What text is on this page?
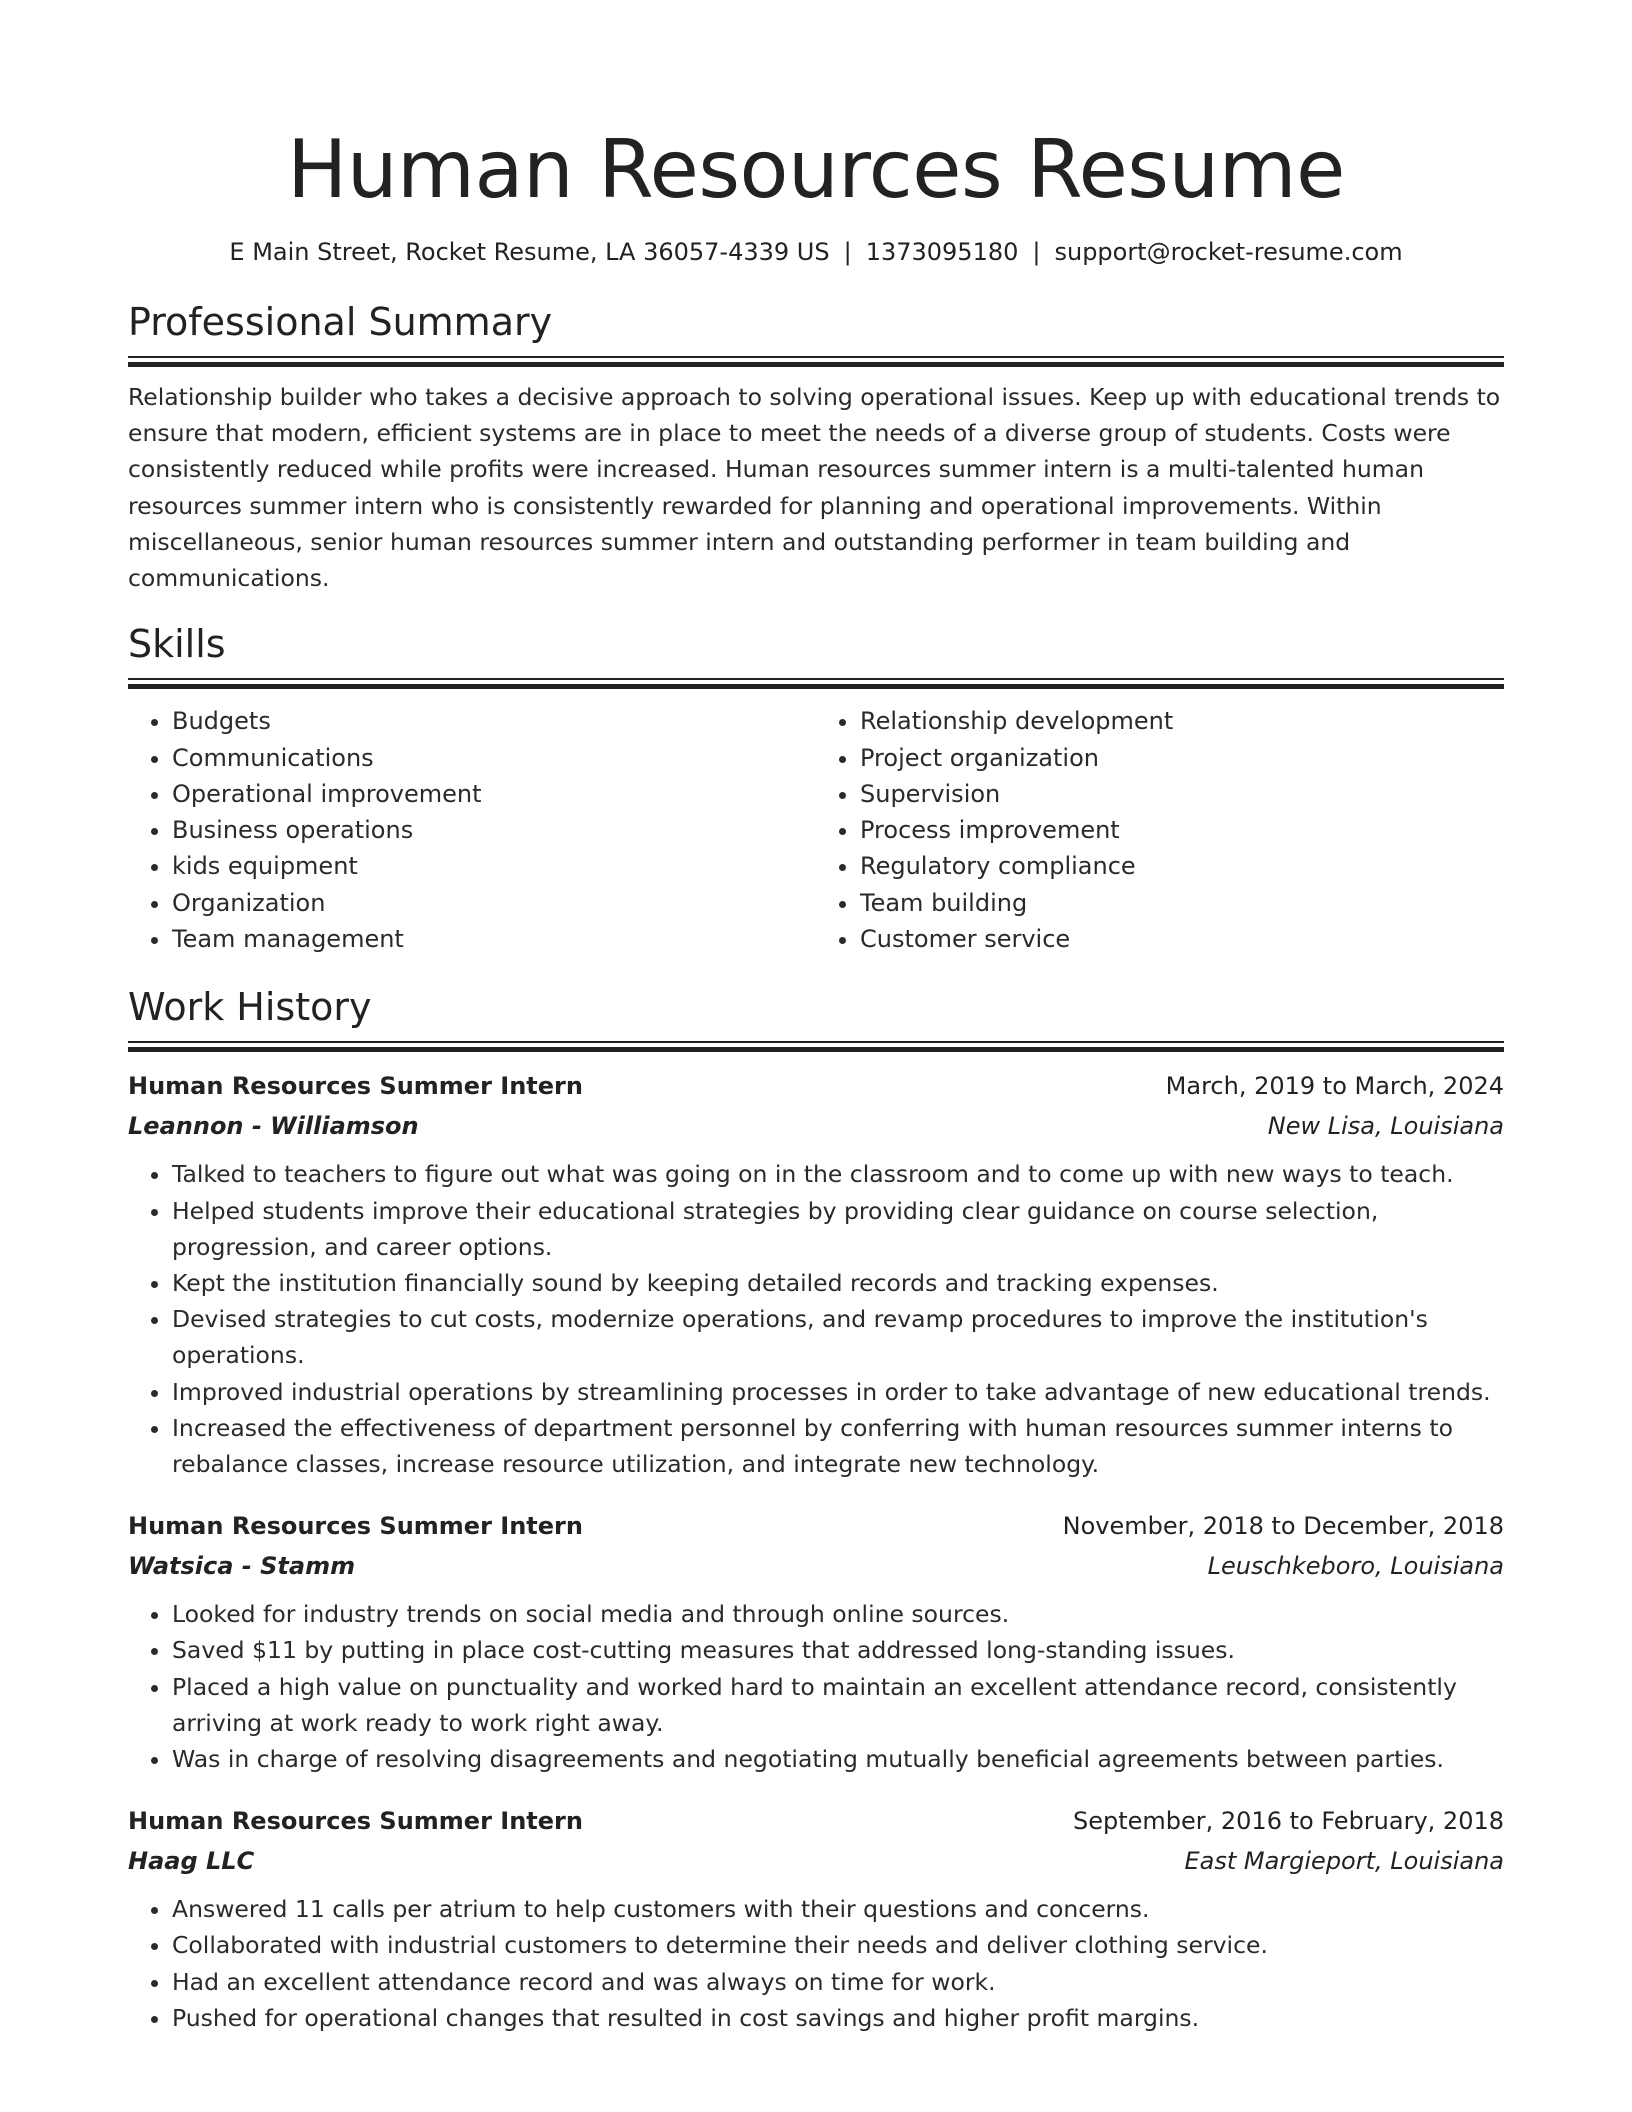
Human Resources Resume
E Main Street, Rocket Resume, LA 36057-4339 US | 1373095180 | support@rocket-resume.com
Professional Summary

Relationship builder who takes a decisive approach to solving operational issues. Keep up with educational trends to ensure that modern, efficient systems are in place to meet the needs of a diverse group of students. Costs were consistently reduced while profits were increased. Human resources summer intern is a multi-talented human resources summer intern who is consistently rewarded for planning and operational improvements. Within miscellaneous, senior human resources summer intern and outstanding performer in team building and communications.

Skills
• Budgets
• Communications
• Operational improvement
• Business operations
• kids equipment
• Organization
• Team management
• Relationship development
• Project organization
• Supervision
• Process improvement
• Regulatory compliance
• Team building
• Customer service
Work History
Human Resources Summer Intern	March, 2019 to March, 2024
Leannon - Williamson	New Lisa, Louisiana
• Talked to teachers to figure out what was going on in the classroom and to come up with new ways to teach.
• Helped students improve their educational strategies by providing clear guidance on course selection, progression, and career options.
• Kept the institution financially sound by keeping detailed records and tracking expenses.
• Devised strategies to cut costs, modernize operations, and revamp procedures to improve the institution's operations.
• Improved industrial operations by streamlining processes in order to take advantage of new educational trends.
• Increased the effectiveness of department personnel by conferring with human resources summer interns to rebalance classes, increase resource utilization, and integrate new technology.
Human Resources Summer Intern	November, 2018 to December, 2018
Watsica - Stamm	Leuschkeboro, Louisiana
• Looked for industry trends on social media and through online sources.
• Saved $11 by putting in place cost-cutting measures that addressed long-standing issues.
• Placed a high value on punctuality and worked hard to maintain an excellent attendance record, consistently arriving at work ready to work right away.
• Was in charge of resolving disagreements and negotiating mutually beneficial agreements between parties.
Human Resources Summer Intern	September, 2016 to February, 2018
Haag LLC	East Margieport, Louisiana
• Answered 11 calls per atrium to help customers with their questions and concerns.
• Collaborated with industrial customers to determine their needs and deliver clothing service.
• Had an excellent attendance record and was always on time for work.
• Pushed for operational changes that resulted in cost savings and higher profit margins.
